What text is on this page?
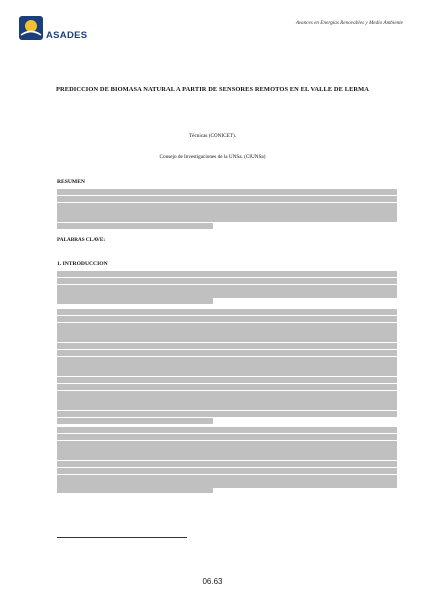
ASADES
Avances en Energías Renovables y Medio Ambiente
PREDICCION DE BIOMASA NATURAL A PARTIR DE SENSORES REMOTOS EN EL VALLE DE LERMA
Técnicas (CONICET).
Consejo de Investigaciones de la UNSa. (CIUNSa)
RESUMEN
PALABRAS CLAVE:
1. INTRODUCCION
06.63
